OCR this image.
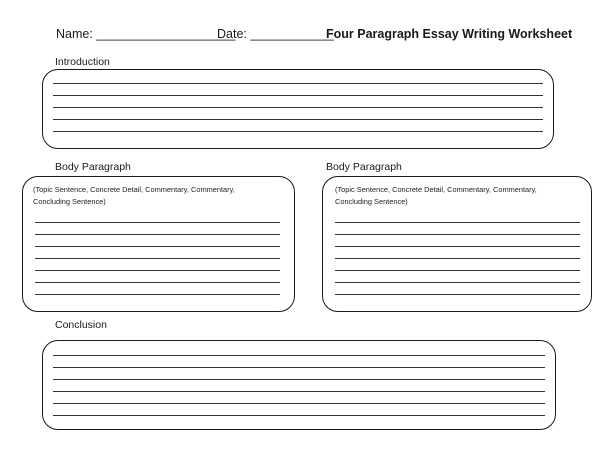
Name: ____________________
Date: ____________
Four Paragraph Essay Writing Worksheet
Introduction
Body Paragraph
(Topic Sentence, Concrete Detail, Commentary, Commentary,
Concluding Sentence)
Body Paragraph
(Topic Sentence, Concrete Detail, Commentary, Commentary,
Concluding Sentence)
Conclusion
